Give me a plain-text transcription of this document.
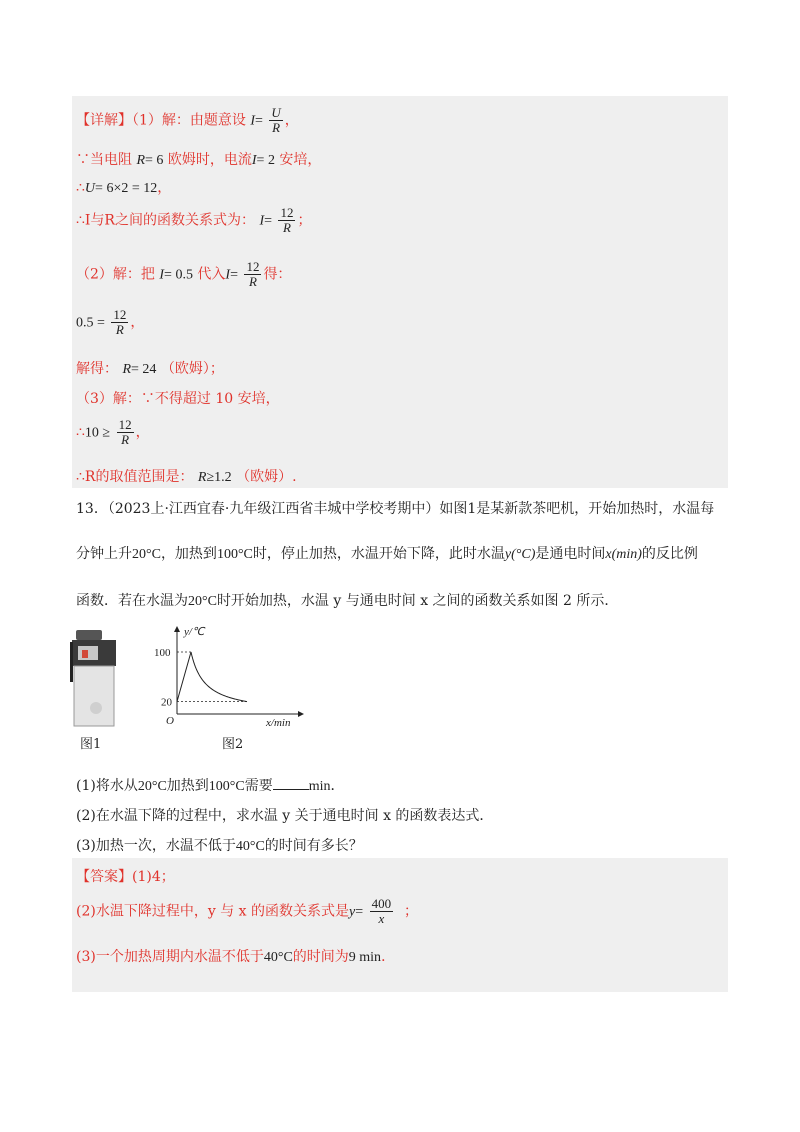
【详解】（1）解：由题意设 $I= \frac{U}{R}$ ，
∵当电阻 R= 6 欧姆时，电流I= 2 安培，
∴U= 6×2 = 12，
∴I与R之间的函数关系式为： $I= \frac{12}{R}$ ；
（2）解：把 I= 0.5 代入$I= \frac{12}{R}$ 得：
$0.5 = \frac{12}{R}$ ，
解得： R= 24 （欧姆）；
（3）解：∵不得超过 10 安培，
∴10 ≥ $\frac{12}{R}$ ，
∴R的取值范围是： R≥1.2 （欧姆）.
13．（2023上·江西宜春·九年级江西省丰城中学校考期中）如图1是某新款茶吧机，开始加热时，水温每
分钟上升20°C，加热到100°C时，停止加热，水温开始下降，此时水温y(°C)是通电时间x(min)的反比例
函数．若在水温为20°C时开始加热，水温 y 与通电时间 x 之间的函数关系如图 2 所示．
图1
y/℃
x/min
O
100
20
图2
(1)将水从20°C加热到100°C需要	min．
(2)在水温下降的过程中，求水温 y 关于通电时间 x 的函数表达式．
(3)加热一次，水温不低于40°C的时间有多长？
【答案】(1)4；
(2)水温下降过程中，y 与 x 的函数关系式是$y= \frac{400}{x}$ ；
(3)一个加热周期内水温不低于40°C的时间为9 min．
